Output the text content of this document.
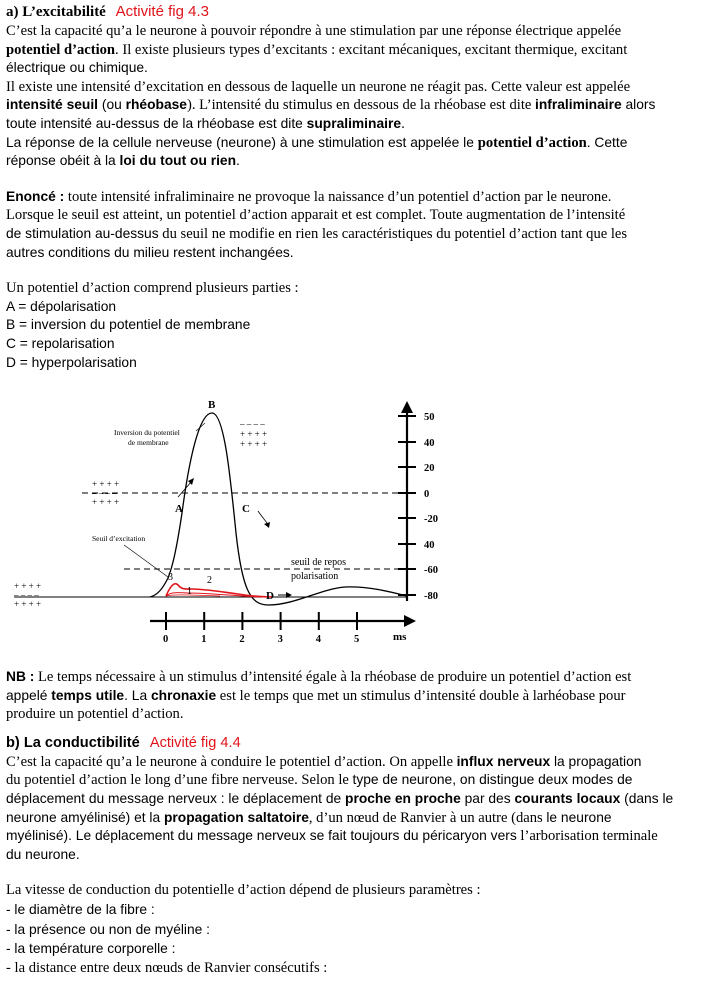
a) L’excitabilité Activité fig 4.3

C’est la capacité qu’a le neurone à pouvoir répondre à une stimulation par une réponse électrique appelée
potentiel d’action. Il existe plusieurs types d’excitants : excitant mécaniques, excitant thermique, excitant
électrique ou chimique.

Il existe une intensité d’excitation en dessous de laquelle un neurone ne réagit pas. Cette valeur est appelée
intensité seuil (ou rhéobase). L’intensité du stimulus en dessous de la rhéobase est dite infraliminaire alors
toute intensité au-dessus de la rhéobase est dite supraliminaire.

La réponse de la cellule nerveuse (neurone) à une stimulation est appelée le potentiel d’action. Cette
réponse obéit à la loi du tout ou rien.

Enoncé : toute intensité infraliminaire ne provoque la naissance d’un potentiel d’action par le neurone.
Lorsque le seuil est atteint, un potentiel d’action apparait et est complet. Toute augmentation de l’intensité
de stimulation au-dessus du seuil ne modifie en rien les caractéristiques du potentiel d’action tant que les
autres conditions du milieu restent inchangées.

Un potentiel d’action comprend plusieurs parties :

A = dépolarisation
B = inversion du potentiel de membrane
C = repolarisation
D = hyperpolarisation
50
40
20
0
-20
40
-60
-80
0	1	2	3	4	5	ms
B
A	C
D
3
1
2
Inversion du potentiel
de membrane
Seuil d’excitation
seuil de repos
polarisation
– – – –
+ + + +
+ + + +
+ + + +
– – – –
+ + + +
+ + + +
– – – –
+ + + +

NB : Le temps nécessaire à un stimulus d’intensité égale à la rhéobase de produire un potentiel d’action est
appelé temps utile. La chronaxie est le temps que met un stimulus d’intensité double à larhéobase pour
produire un potentiel d’action.

b) La conductibilité Activité fig 4.4

C’est la capacité qu’a le neurone à conduire le potentiel d’action. On appelle influx nerveux la propagation
du potentiel d’action le long d’une fibre nerveuse. Selon le type de neurone, on distingue deux modes de
déplacement du message nerveux : le déplacement de proche en proche par des courants locaux (dans le
neurone amyélinisé) et la propagation saltatoire, d’un nœud de Ranvier à un autre (dans le neurone
myélinisé). Le déplacement du message nerveux se fait toujours du péricaryon vers l’arborisation terminale
du neurone.

La vitesse de conduction du potentielle d’action dépend de plusieurs paramètres :

- le diamètre de la fibre :
- la présence ou non de myéline :
- la température corporelle :
- la distance entre deux nœuds de Ranvier consécutifs :
